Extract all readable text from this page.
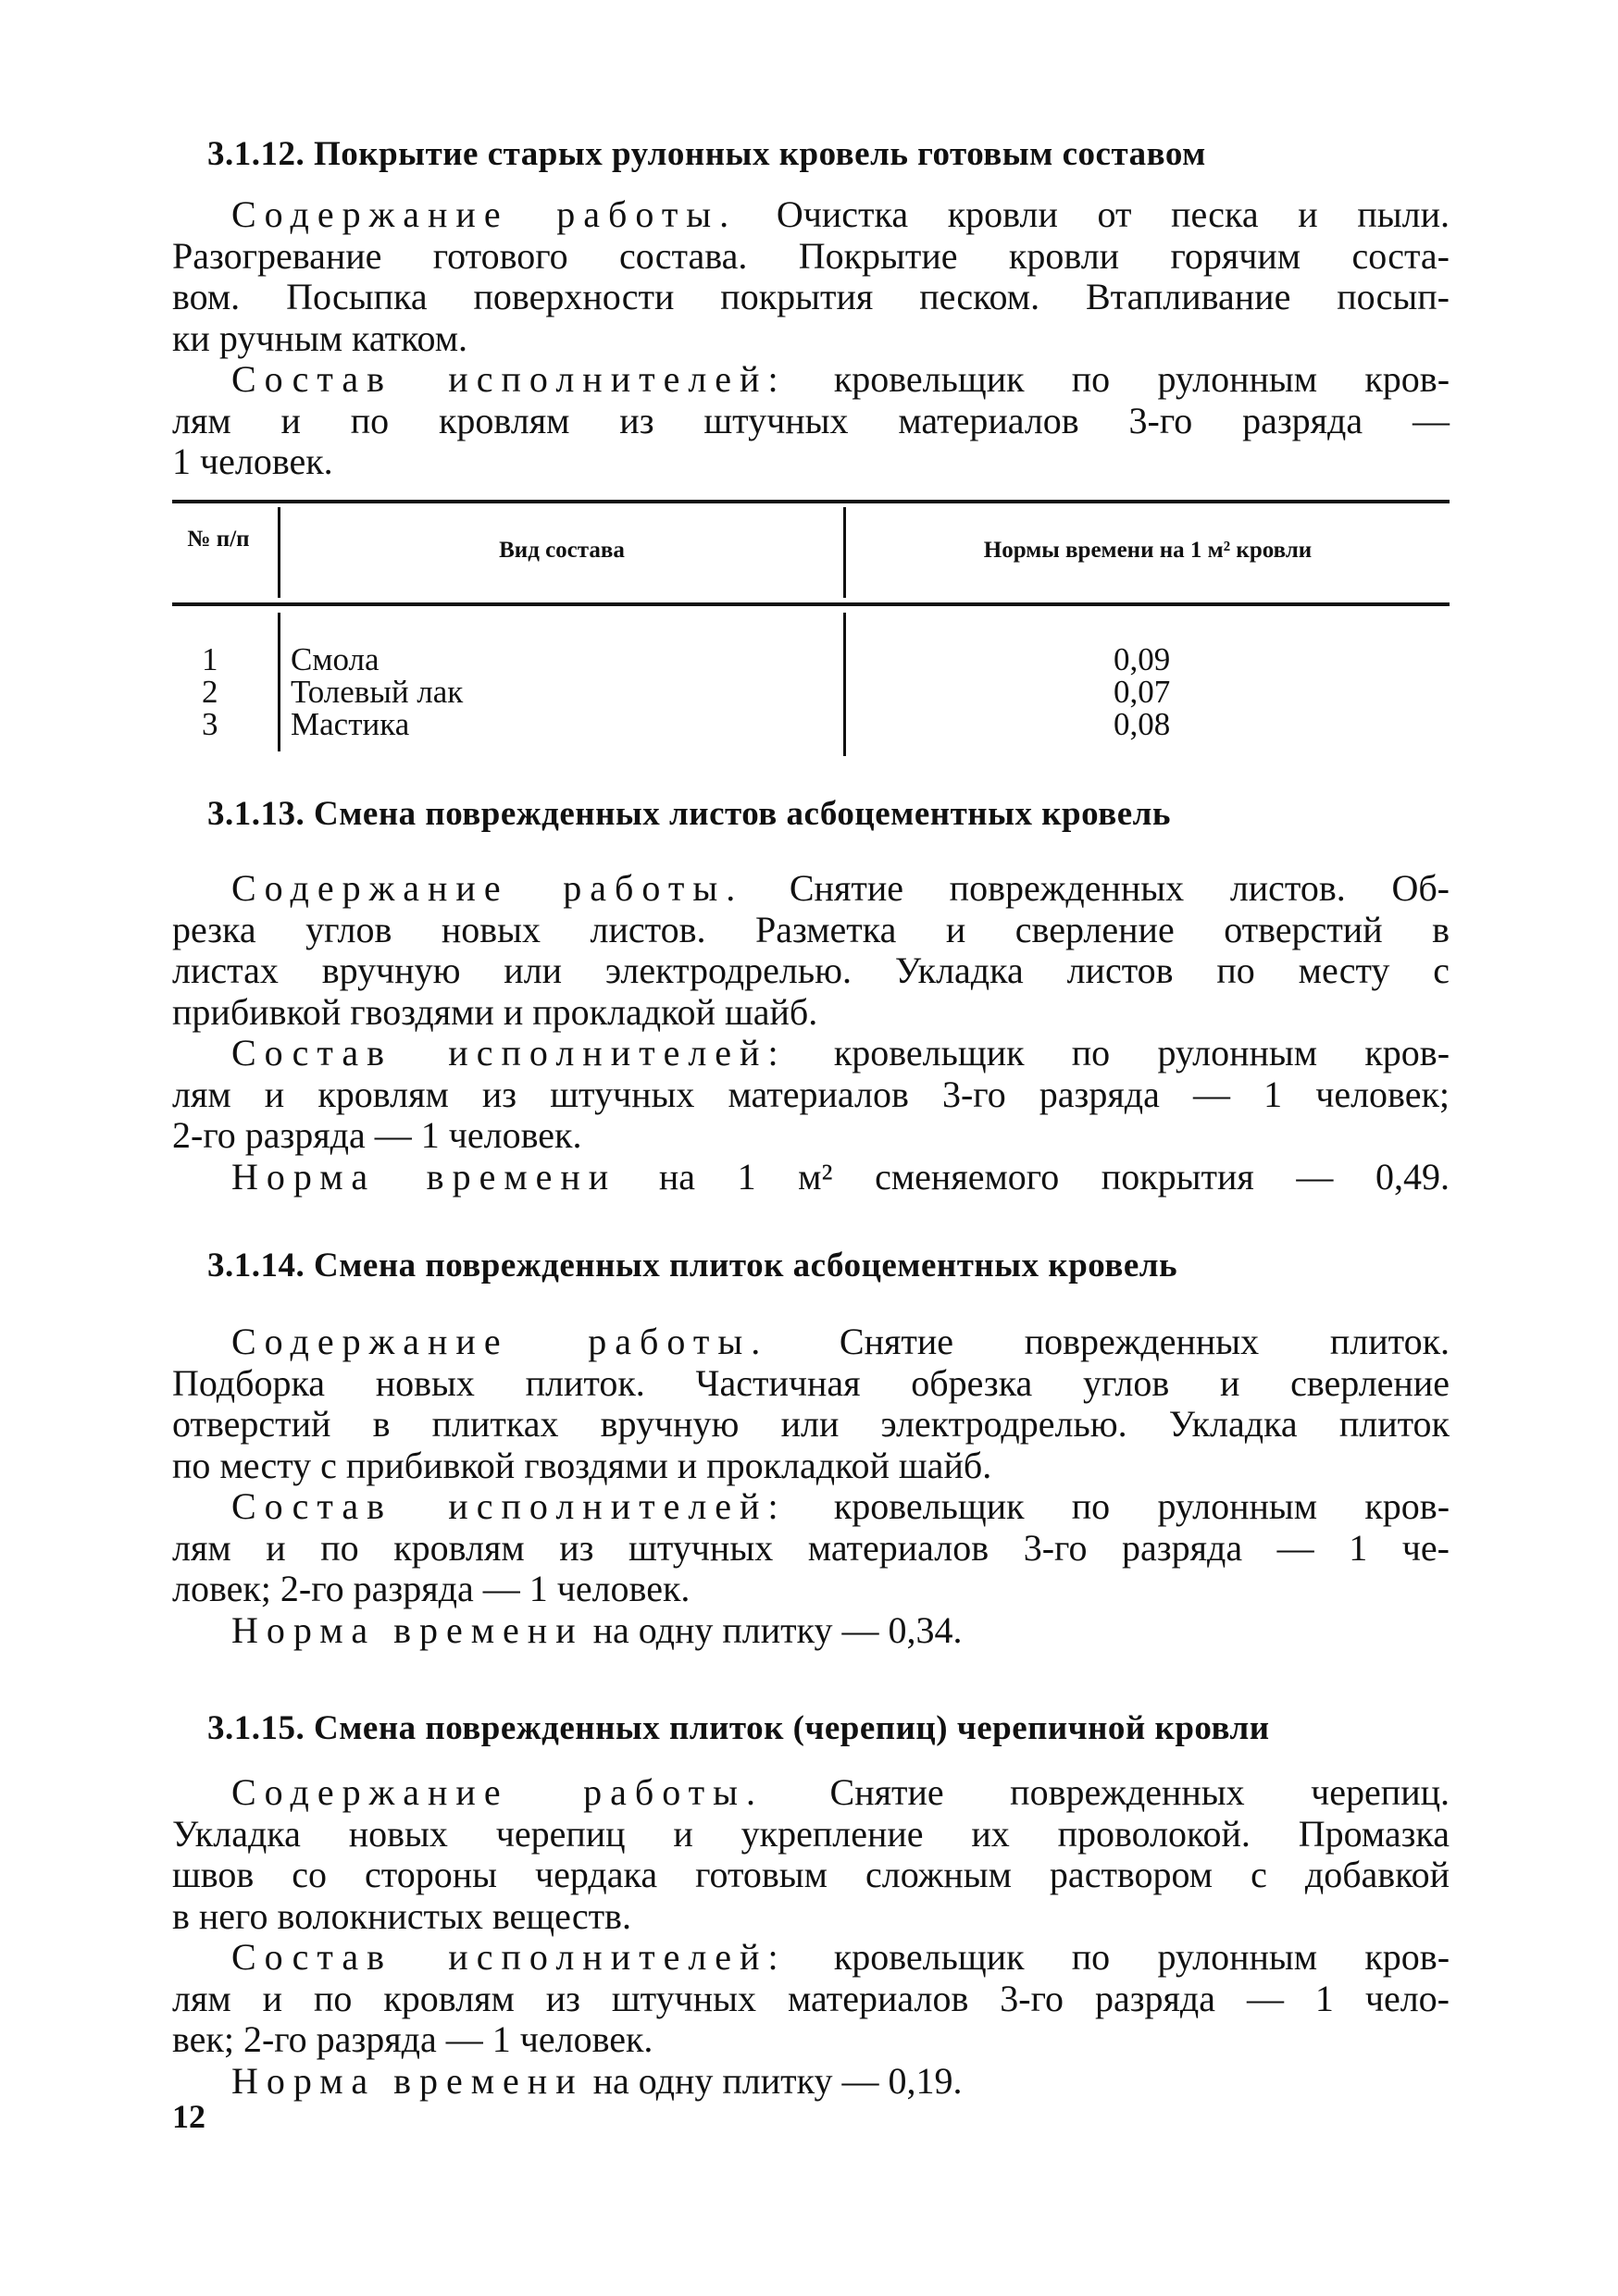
3.1.12. Покрытие старых рулонных кровель готовым составом
Содержание работы. Очистка кровли от песка и пыли.
Разогревание готового состава. Покрытие кровли горячим соста-
вом. Посыпка поверхности покрытия песком. Втапливание посып-
ки ручным катком.
Состав исполнителей: кровельщик по рулонным кров-
лям и по кровлям из штучных материалов 3-го разряда —
1 человек.
№ п/п	Вид состава	Нормы времени на 1 м² кровли
1 Смола	0,09
2 Толевый лак	0,07
3 Мастика	0,08
3.1.13. Смена поврежденных листов асбоцементных кровель
Содержание работы. Снятие поврежденных листов. Об-
резка углов новых листов. Разметка и сверление отверстий в
листах вручную или электродрелью. Укладка листов по месту с
прибивкой гвоздями и прокладкой шайб.
Состав исполнителей: кровельщик по рулонным кров-
лям и кровлям из штучных материалов 3-го разряда — 1 человек;
2-го разряда — 1 человек.
Норма времени на 1 м² сменяемого покрытия — 0,49.
3.1.14. Смена поврежденных плиток асбоцементных кровель
Содержание работы. Снятие поврежденных плиток.
Подборка новых плиток. Частичная обрезка углов и сверление
отверстий в плитках вручную или электродрелью. Укладка плиток
по месту с прибивкой гвоздями и прокладкой шайб.
Состав исполнителей: кровельщик по рулонным кров-
лям и по кровлям из штучных материалов 3-го разряда — 1 че-
ловек; 2-го разряда — 1 человек.
Норма времени на одну плитку — 0,34.
3.1.15. Смена поврежденных плиток (черепиц) черепичной кровли
Содержание работы. Снятие поврежденных черепиц.
Укладка новых черепиц и укрепление их проволокой. Промазка
швов со стороны чердака готовым сложным раствором с добавкой
в него волокнистых веществ.
Состав исполнителей: кровельщик по рулонным кров-
лям и по кровлям из штучных материалов 3-го разряда — 1 чело-
век; 2-го разряда — 1 человек.
Норма времени на одну плитку — 0,19.
12
